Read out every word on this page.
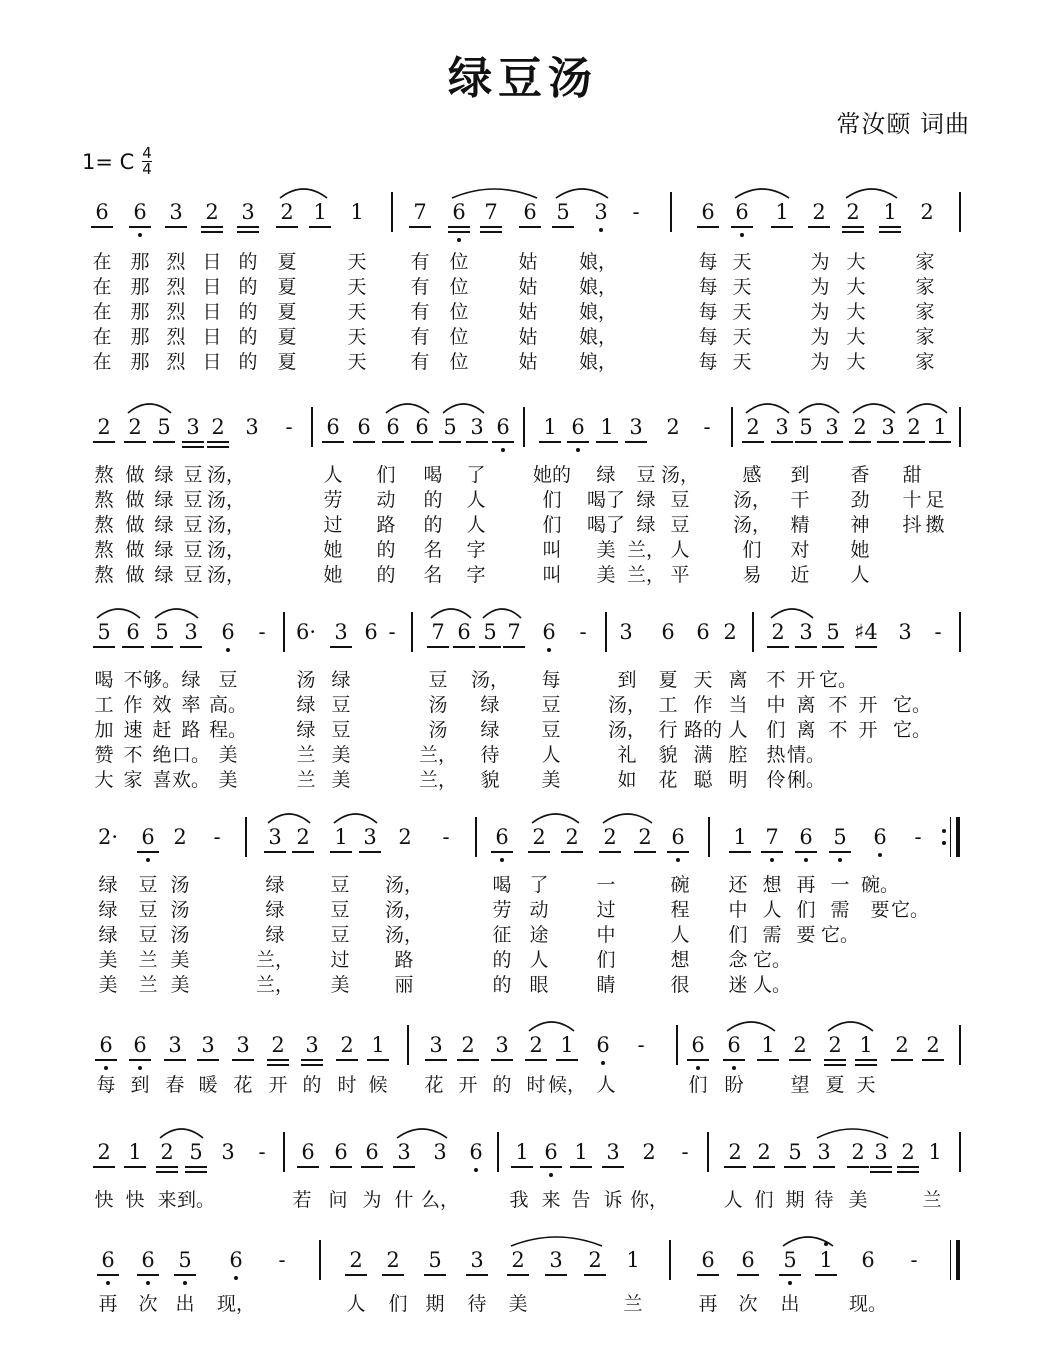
绿豆汤
常汝颐 词曲
1= C $\frac{4}{4}$
6 6 3 2 3 2 1 1 7 6 7 6 5 3 -	6 6 1 2 2 1 2
在 那 烈 日 的	夏	天	有	位	姑	娘，	每 天	为 大	家
在 那 烈 日 的	夏	天	有	位	姑	娘，	每 天	为 大	家
在 那 烈 日 的	夏	天	有	位	姑	娘，	每 天	为 大	家
在 那 烈 日 的	夏	天	有	位	姑	娘，	每 天	为 大	家
在 那 烈 日 的	夏	天	有	位	姑	娘，	每 天	为 大	家
2 2 5 3 2 3 - 6 6 6 6 5 3 6 1 6 1 3 2 - 2 3 5 3 2 3 2 1
熬 做 绿 豆 汤，	人	们	喝	了	她的	绿	豆 汤，	感	到	香	甜
熬 做 绿 豆 汤，	劳	动	的	人	们	喝了 绿 豆	汤，	干	劲	十 足
熬 做 绿 豆 汤，	过	路	的	人	们	喝了 绿 豆	汤，	精	神	抖 擞
熬 做 绿 豆 汤，	她	的	名	字	叫	美 兰， 人	们	对	她
熬 做 绿 豆 汤，	她	的	名	字	叫	美 兰， 平	易	近	人
5 6 5 3 6 - 6· 3 6 - 7 6 5 7 6 - 3 6 6 2 2 3 5 ♯4 3 -
喝 不 够。 绿 豆	汤 绿	豆	汤，	每	到	夏 天 离 不 开 它。
工 作 效 率 高。	绿 豆	汤	绿	豆	汤， 工 作 当 中 离 不 开 它。
加 速 赶 路 程。	绿 豆	汤	绿	豆	汤， 行 路的 人 们 离 不 开 它。
赞 不 绝 口。 美	兰 美	兰，	待	人	礼	貌 满 腔 热 情。
大 家 喜 欢。 美	兰 美	兰，	貌	美	如	花 聪 明 伶 俐。
2· 6 2 - 3 2 1 3 2 - 6 2 2 2 2 6 1 7 6 5 6 -
绿	豆 汤	绿	豆	汤，	喝 了	一	碗	还 想 再 一 碗。
绿	豆 汤	绿	豆	汤，	劳 动	过	程	中 人 们 需	要 它。
绿	豆 汤	绿	豆	汤，	征 途	中	人	们 需 要 它。
美	兰 美	兰，	过	路	的 人	们	想	念 它。
美	兰 美	兰，	美	丽	的 眼	睛	很	迷 人。
6 6 3 3 3 2 3 2 1 3 2 3 2 1 6 - 6 6 1 2 2 1 2 2
每 到 春 暖 花 开 的 时 候	花 开 的 时 候， 人	们 盼	望 夏 天
2 1 2 5 3 - 6 6 6 3 3 6 1 6 1 3 2 - 2 2 5 3 2 3 2 1
快 快 来 到。	若 问 为 什 么，	我 来 告 诉 你，	人 们 期 待 美	兰
6 6 5 6 -	2 2 5 3 2 3 2 1	6 6 5 1 6 -
再	次 出	现，	人	们 期	待	美	兰	再	次	出	现。
